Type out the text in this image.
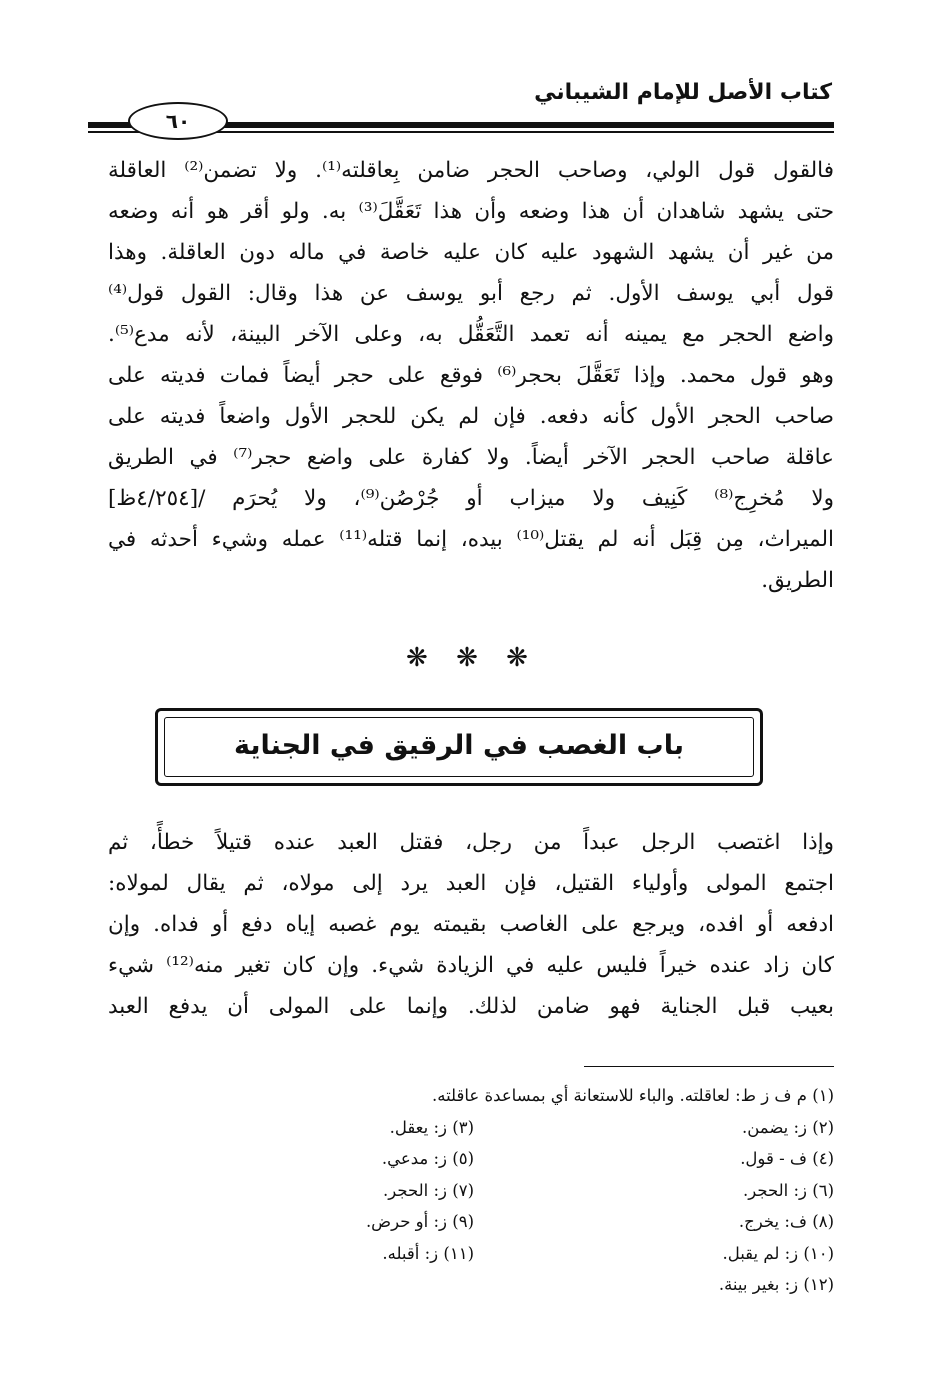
كتاب الأصل للإمام الشيباني
٦٠
فالقول قول الولي، وصاحب الحجر ضامن بِعاقلته⁽¹⁾. ولا تضمن⁽²⁾ العاقلة
حتى يشهد شاهدان أن هذا وضعه وأن هذا تَعَقَّلَ⁽³⁾ به. ولو أقر هو أنه وضعه
من غير أن يشهد الشهود عليه كان عليه خاصة في ماله دون العاقلة. وهذا
قول أبي يوسف الأول. ثم رجع أبو يوسف عن هذا وقال: القول قول⁽⁴⁾
واضع الحجر مع يمينه أنه تعمد التَّعَقُّل به، وعلى الآخر البينة، لأنه مدع⁽⁵⁾.
وهو قول محمد. وإذا تَعَقَّلَ بحجر⁽⁶⁾ فوقع على حجر أيضاً فمات فديته على
صاحب الحجر الأول كأنه دفعه. فإن لم يكن للحجر الأول واضعاً فديته على
عاقلة صاحب الحجر الآخر أيضاً. ولا كفارة على واضع حجر⁽⁷⁾ في الطريق
ولا مُخرِج⁽⁸⁾ كَنِيف ولا ميزاب أو جُرْصُن⁽⁹⁾، ولا يُحرَم /[٤/٢٥٤ظ]
الميراث، مِن قِبَل أنه لم يقتل⁽¹⁰⁾ بيده، إنما قتله⁽¹¹⁾ عمله وشيء أحدثه في
الطريق.
❋ ❋ ❋
باب الغصب في الرقيق في الجناية
وإذا اغتصب الرجل عبداً من رجل، فقتل العبد عنده قتيلاً خطأً، ثم
اجتمع المولى وأولياء القتيل، فإن العبد يرد إلى مولاه، ثم يقال لمولاه:
ادفعه أو افده، ويرجع على الغاصب بقيمته يوم غصبه إياه دفع أو فداه. وإن
كان زاد عنده خيراً فليس عليه في الزيادة شيء. وإن كان تغير منه⁽¹²⁾ شيء
بعيب قبل الجناية فهو ضامن لذلك. وإنما على المولى أن يدفع العبد
(١) م ف ز ط: لعاقلته. والباء للاستعانة أي بمساعدة عاقلته.
(٢) ز: يضمن.
(٣) ز: يعقل.
(٤) ف - قول.
(٥) ز: مدعي.
(٦) ز: الحجر.
(٧) ز: الحجر.
(٨) ف: يخرج.
(٩) ز: أو حرض.
(١٠) ز: لم يقبل.
(١١) ز: أقبله.
(١٢) ز: بغير بينة.
